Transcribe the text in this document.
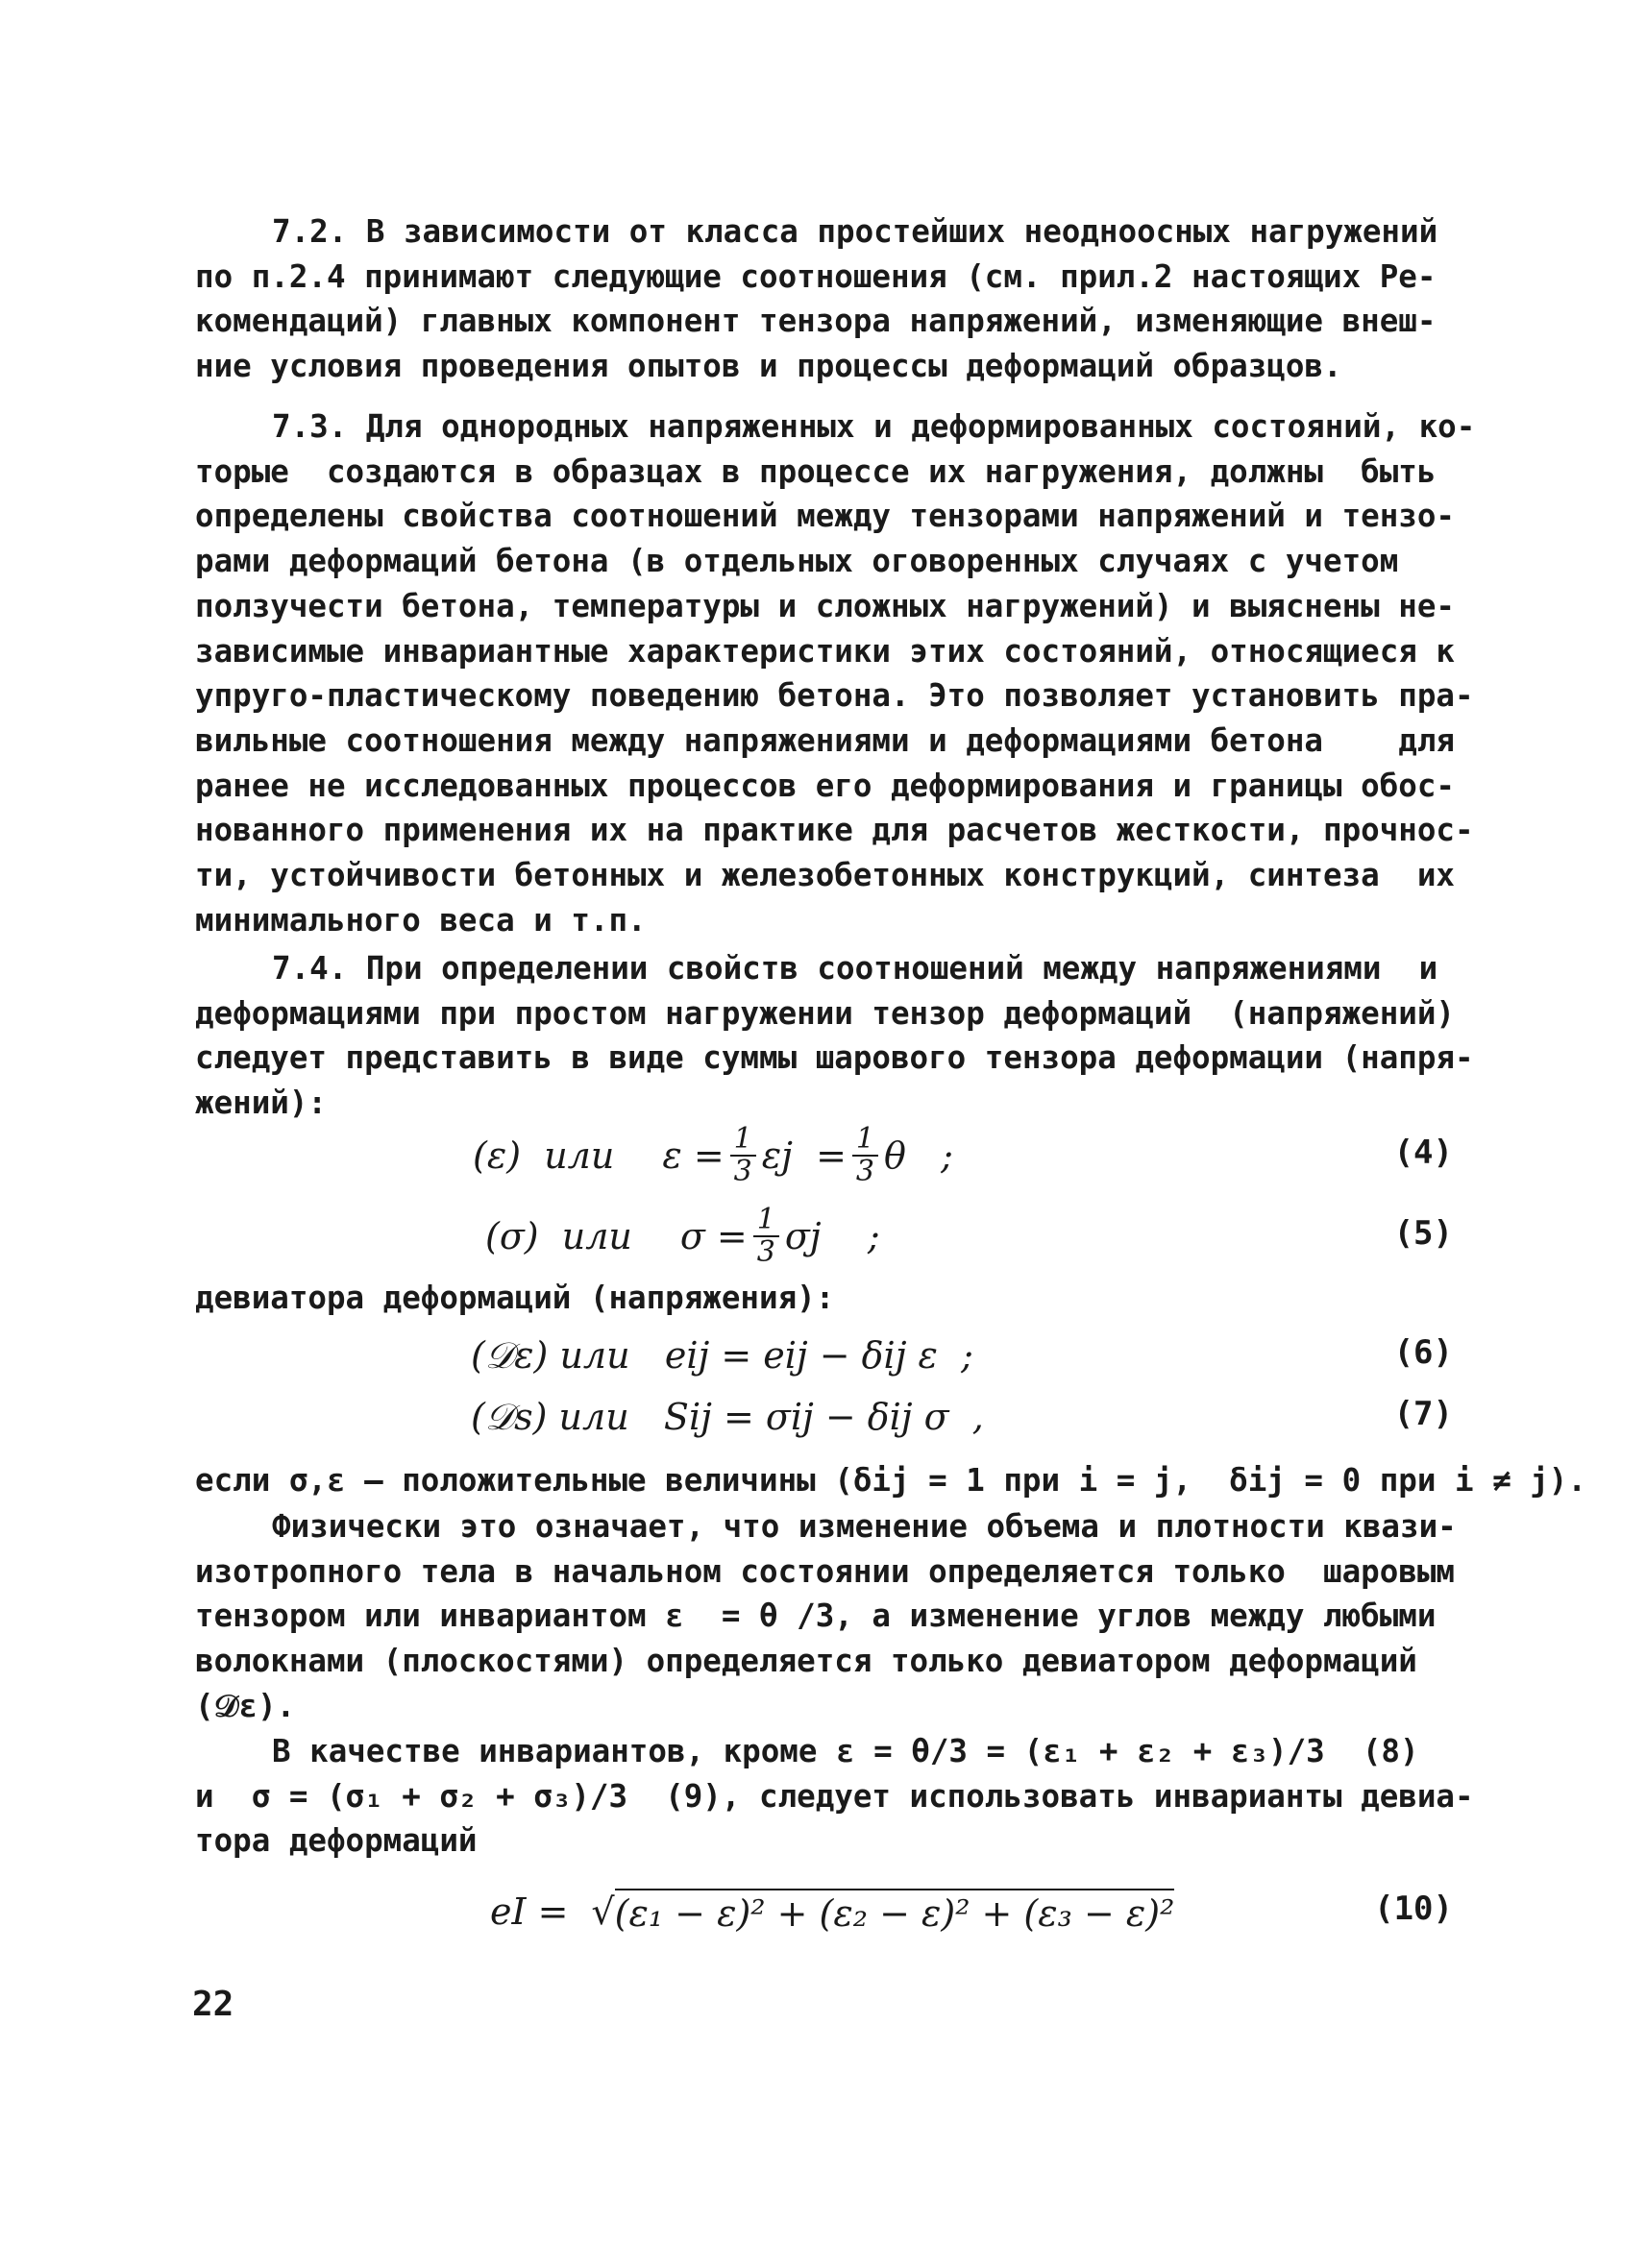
7.2. В зависимости от класса простейших неодноосных нагружений
по п.2.4 принимают следующие соотношения (см. прил.2 настоящих Ре-
комендаций) главных компонент тензора напряжений, изменяющие внеш-
ние условия проведения опытов и процессы деформаций образцов.
7.3. Для однородных напряженных и деформированных состояний, ко-
торые  создаются в образцах в процессе их нагружения, должны  быть
определены свойства соотношений между тензорами напряжений и тензо-
рами деформаций бетона (в отдельных оговоренных случаях с учетом
ползучести бетона, температуры и сложных нагружений) и выяснены не-
зависимые инвариантные характеристики этих состояний, относящиеся к
упруго-пластическому поведению бетона. Это позволяет установить пра-
вильные соотношения между напряжениями и деформациями бетона    для
ранее не исследованных процессов его деформирования и границы обос-
нованного применения их на практике для расчетов жесткости, прочнос-
ти, устойчивости бетонных и железобетонных конструкций, синтеза  их
минимального веса и т.п.
7.4. При определении свойств соотношений между напряжениями  и
деформациями при простом нагружении тензор деформаций  (напряжений)
следует представить в виде суммы шарового тензора деформации (напря-
жений):
(ε)  или $\varepsilon = \frac{1}{3}$ $\varepsilon j = \frac{1}{3}$ θ   ;	(4)
(σ)  или $\sigma = \frac{1}{3}$ σj    ;	(5)
девиатора деформаций (напряжения):
(𝒟ε) или   eij = eij − δij ε  ;	(6)
(𝒟s) или   Sij = σij − δij σ  ,	(7)
если σ,ε – положительные величины (δij = 1 при i = j,  δij = 0 при i ≠ j).
Физически это означает, что изменение объема и плотности квази-
изотропного тела в начальном состоянии определяется только  шаровым
тензором или инвариантом ε  = θ /3, а изменение углов между любыми
волокнами (плоскостями) определяется только девиатором деформаций
(𝒟ε).
В качестве инвариантов, кроме ε = θ/3 = (ε₁ + ε₂ + ε₃)/3  (8)
и  σ = (σ₁ + σ₂ + σ₃)/3  (9), следует использовать инварианты девиа-
тора деформаций
eI = √ (ε₁ − ε)² + (ε₂ − ε)² + (ε₃ − ε)²	(10)
22
